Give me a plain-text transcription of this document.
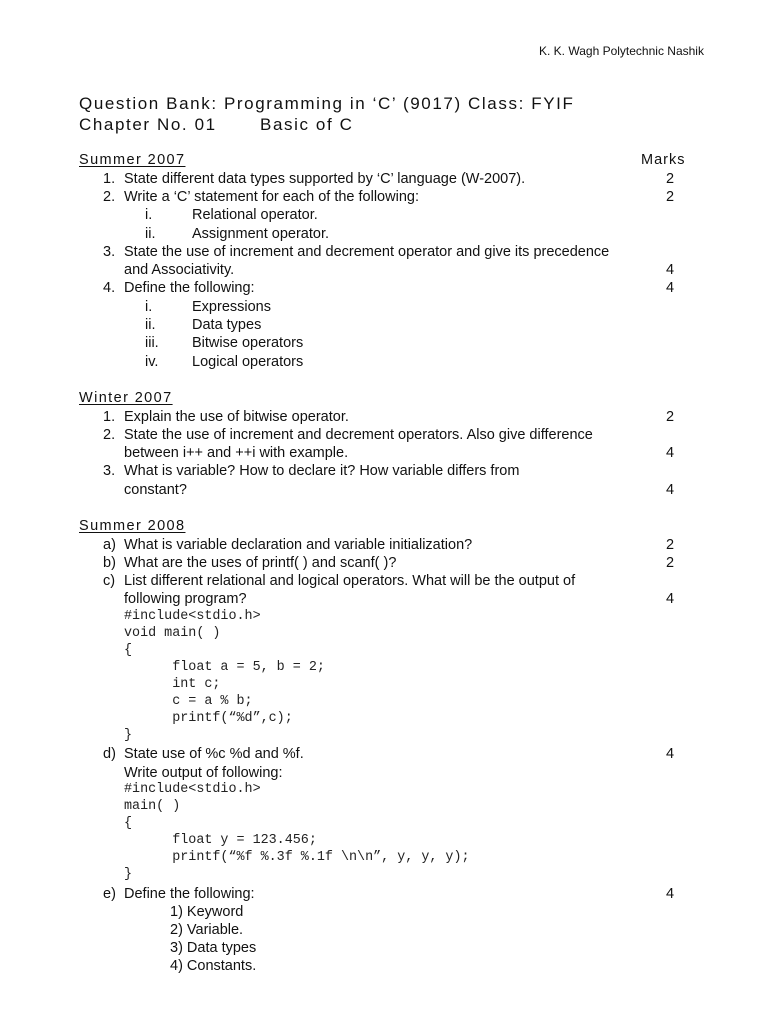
K. K. Wagh Polytechnic Nashik
Question Bank: Programming in ‘C’ (9017) Class: FYIF
Chapter No. 01	Basic of C
Summer 2007	Marks
1. State different data types supported by ‘C’ language (W-2007).	2
2. Write a ‘C’ statement for each of the following:	2
i.	Relational operator.
ii.	Assignment operator.
3. State the use of increment and decrement operator and give its precedence
and Associativity.	4
4. Define the following:	4
i.	Expressions
ii.	Data types
iii. Bitwise operators
iv. Logical operators
Winter 2007
1. Explain the use of bitwise operator.	2
2. State the use of increment and decrement operators. Also give difference
between i++ and ++i with example.	4
3. What is variable? How to declare it? How variable differs from
constant?	4
Summer 2008
a) What is variable declaration and variable initialization?	2
b) What are the uses of printf( ) and scanf( )?	2
c) List different relational and logical operators. What will be the output of
following program?	4
#include<stdio.h>
void main( )
{
float a = 5, b = 2;
int c;
c = a % b;
printf(“%d”,c);
}
d) State use of %c %d and %f.	4
Write output of following:
#include<stdio.h>
main( )
{
float y = 123.456;
printf(“%f %.3f %.1f \n\n”, y, y, y);
}
e) Define the following:	4
1) Keyword
2) Variable.
3) Data types
4) Constants.
